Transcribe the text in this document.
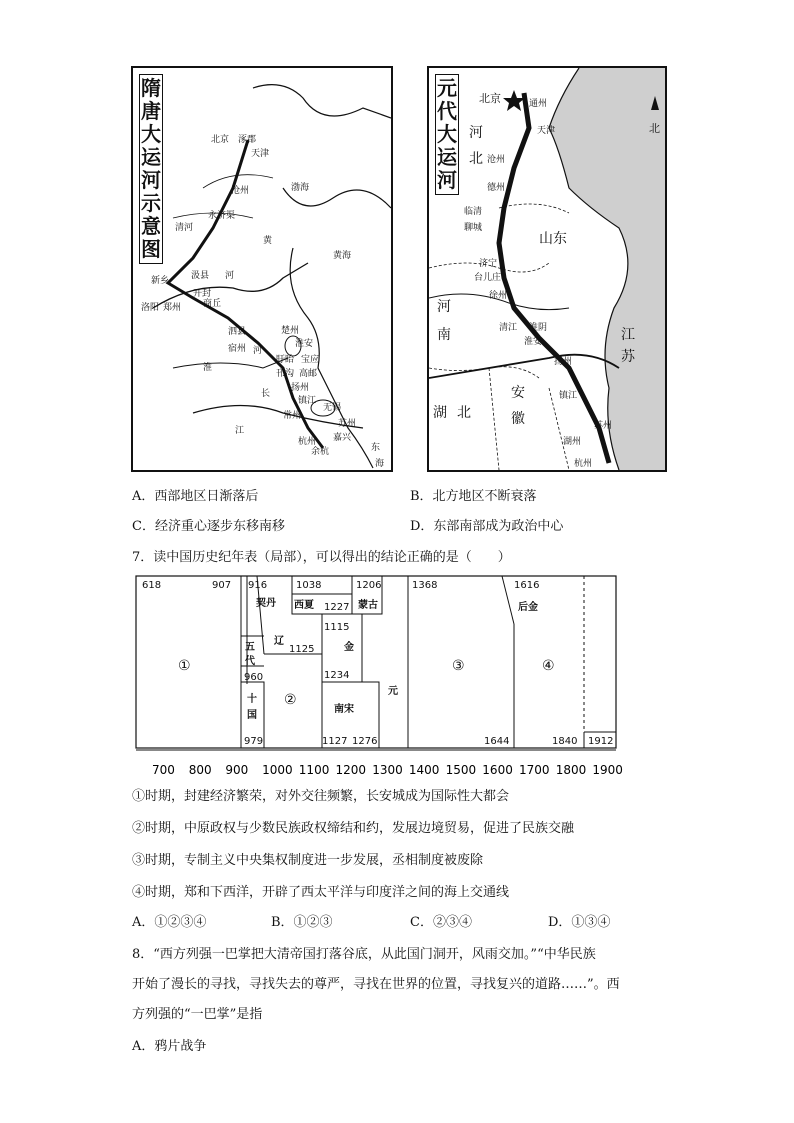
隋唐大运河示意图
北京 涿郡
天津
沧州	渤海
清河
永济渠
黄
新乡 汲县 河
开封
洛阳 郑州 商丘
黄海
泗县
宿州
淮
河
楚州
淮安
盱眙
邗沟
宝应
高邮
扬州
长
镇江
常州
无锡
苏州
嘉兴
江
杭州
余杭	东
海
元代大运河
北京	通州
天津
河
北 沧州
德州
临清
聊城
山东
济宁
台儿庄
徐州
河
南	清江 淮阴
淮安
扬州
江
苏
安
徽
镇江
湖 北
苏州
湖州
杭州
北
A．西部地区日渐落后	B．北方地区不断衰落
C．经济重心逐步东移南移	D．东部南部成为政治中心
7．读中国历史纪年表（局部），可以得出的结论正确的是（　　）
700 800 900 1000 1100 1200 1300 1400 1500 1600 1700 1800 1900
618	907 916
契丹
1038
西夏 1227
1206
蒙古
1368	1616
后金
五
代
辽
1125
1115
金
960	1234
①
②
③	④
元
十
国
南宋
979	1127 1276	1644	1840 1912
①时期，封建经济繁荣，对外交往频繁，长安城成为国际性大都会
②时期，中原政权与少数民族政权缔结和约，发展边境贸易，促进了民族交融
③时期，专制主义中央集权制度进一步发展，丞相制度被废除
④时期，郑和下西洋，开辟了西太平洋与印度洋之间的海上交通线
A．①②③④	B．①②③	C．②③④	D．①③④
8．“西方列强一巴掌把大清帝国打落谷底，从此国门洞开，风雨交加。”“中华民族
开始了漫长的寻找，寻找失去的尊严，寻找在世界的位置，寻找复兴的道路……”。西
方列强的“一巴掌”是指
A．鸦片战争
